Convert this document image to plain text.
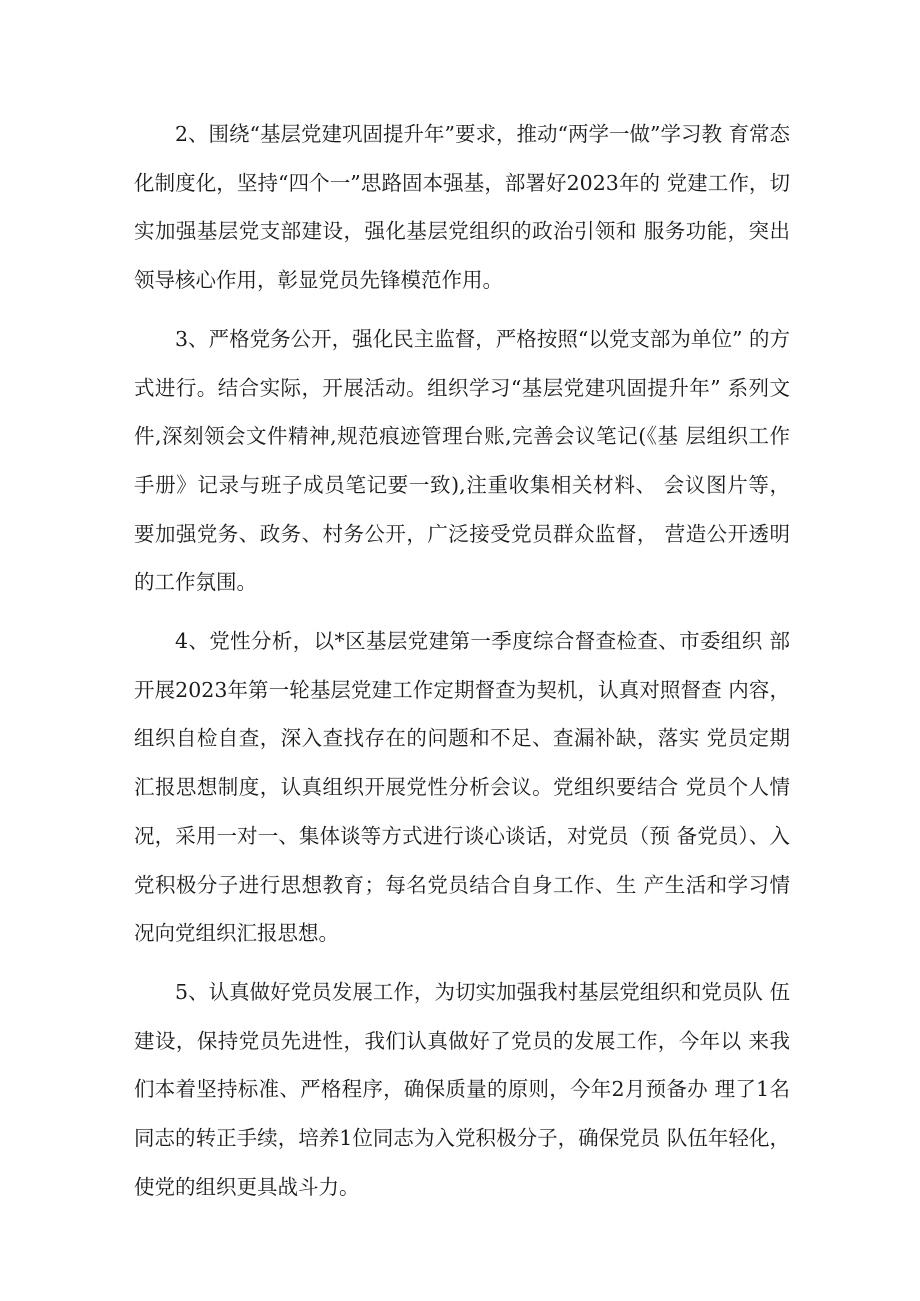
2、围绕“基层党建巩固提升年”要求，推动“两学一做”学习教 育常态化制度化，坚持“四个一”思路固本强基，部署好2023年的 党建工作，切实加强基层党支部建设，强化基层党组织的政治引领和 服务功能，突出领导核心作用，彰显党员先锋模范作用。

3、严格党务公开，强化民主监督，严格按照“以党支部为单位” 的方式进行。结合实际，开展活动。组织学习“基层党建巩固提升年” 系列文件,深刻领会文件精神,规范痕迹管理台账,完善会议笔记(《基 层组织工作手册》记录与班子成员笔记要一致),注重收集相关材料、 会议图片等，要加强党务、政务、村务公开，广泛接受党员群众监督， 营造公开透明的工作氛围。

4、党性分析，以*区基层党建第一季度综合督查检查、市委组织 部开展2023年第一轮基层党建工作定期督查为契机，认真对照督查 内容，组织自检自查，深入查找存在的问题和不足、查漏补缺，落实 党员定期汇报思想制度，认真组织开展党性分析会议。党组织要结合 党员个人情况，采用一对一、集体谈等方式进行谈心谈话，对党员（预 备党员）、入党积极分子进行思想教育；每名党员结合自身工作、生 产生活和学习情况向党组织汇报思想。

5、认真做好党员发展工作，为切实加强我村基层党组织和党员队 伍建设，保持党员先进性，我们认真做好了党员的发展工作，今年以 来我们本着坚持标准、严格程序，确保质量的原则，今年2月预备办 理了1名同志的转正手续，培养1位同志为入党积极分子，确保党员 队伍年轻化，使党的组织更具战斗力。
